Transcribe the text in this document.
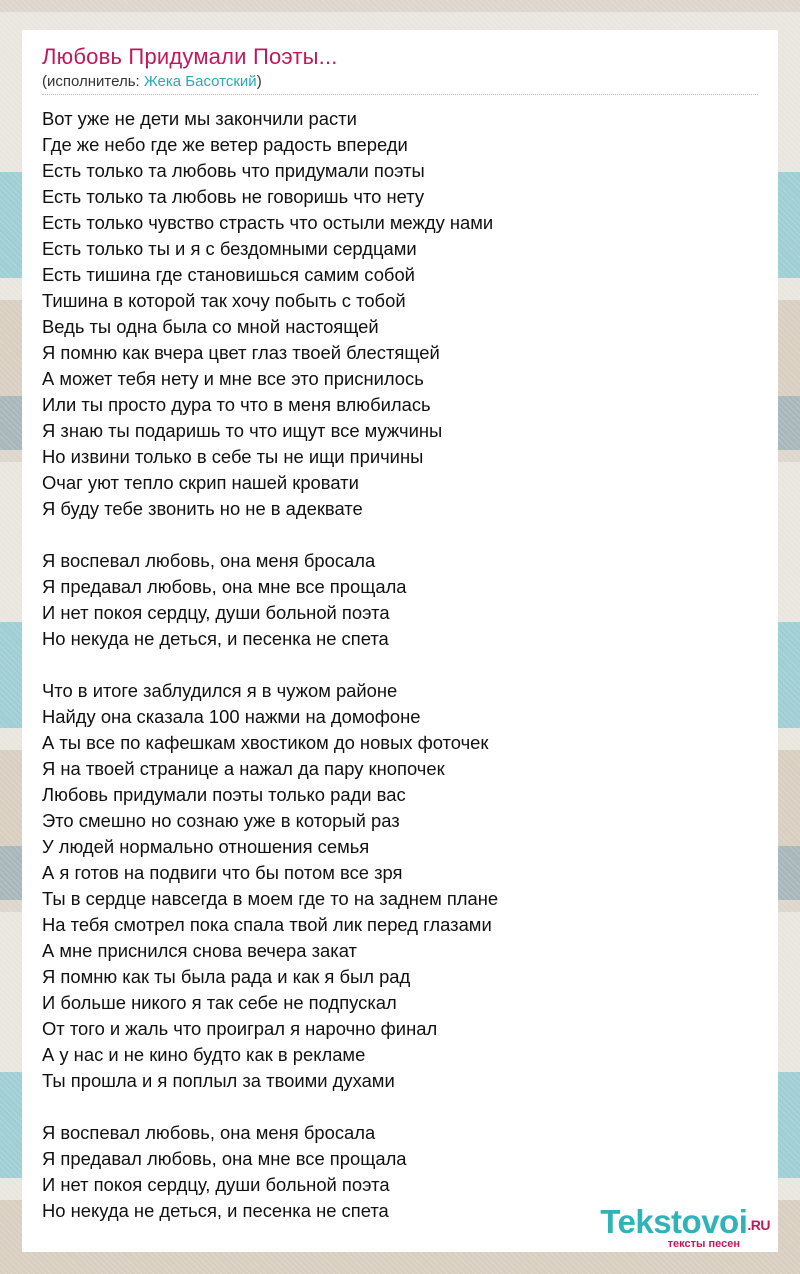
Любовь Придумали Поэты...
(исполнитель: Жека Басотский)
Вот уже не дети мы закончили расти
Где же небо где же ветер радость впереди
Есть только та любовь что придумали поэты
Есть только та любовь не говоришь что нету
Есть только чувство страсть что остыли между нами
Есть только ты и я с бездомными сердцами
Есть тишина где становишься самим собой
Тишина в которой так хочу побыть с тобой
Ведь ты одна была со мной настоящей
Я помню как вчера цвет глаз твоей блестящей
А может тебя нету и мне все это приснилось
Или ты просто дура то что в меня влюбилась
Я знаю ты подаришь то что ищут все мужчины
Но извини только в себе ты не ищи причины
Очаг уют тепло скрип нашей кровати
Я буду тебе звонить но не в адеквате
Я воспевал любовь, она меня бросала
Я предавал любовь, она мне все прощала
И нет покоя сердцу, души больной поэта
Но некуда не деться, и песенка не спета
Что в итоге заблудился я в чужом районе
Найду она сказала 100 нажми на домофоне
А ты все по кафешкам хвостиком до новых фоточек
Я на твоей странице а нажал да пару кнопочек
Любовь придумали поэты только ради вас
Это смешно но сознаю уже в который раз
У людей нормально отношения семья
А я готов на подвиги что бы потом все зря
Ты в сердце навсегда в моем где то на заднем плане
На тебя смотрел пока спала твой лик перед глазами
А мне приснился снова вечера закат
Я помню как ты была рада и как я был рад
И больше никого я так себе не подпускал
От того и жаль что проиграл я нарочно финал
А у нас и не кино будто как в рекламе
Ты прошла и я поплыл за твоими духами
Я воспевал любовь, она меня бросала
Я предавал любовь, она мне все прощала
И нет покоя сердцу, души больной поэта
Но некуда не деться, и песенка не спета	Tekstovoi.RU
тексты песен
